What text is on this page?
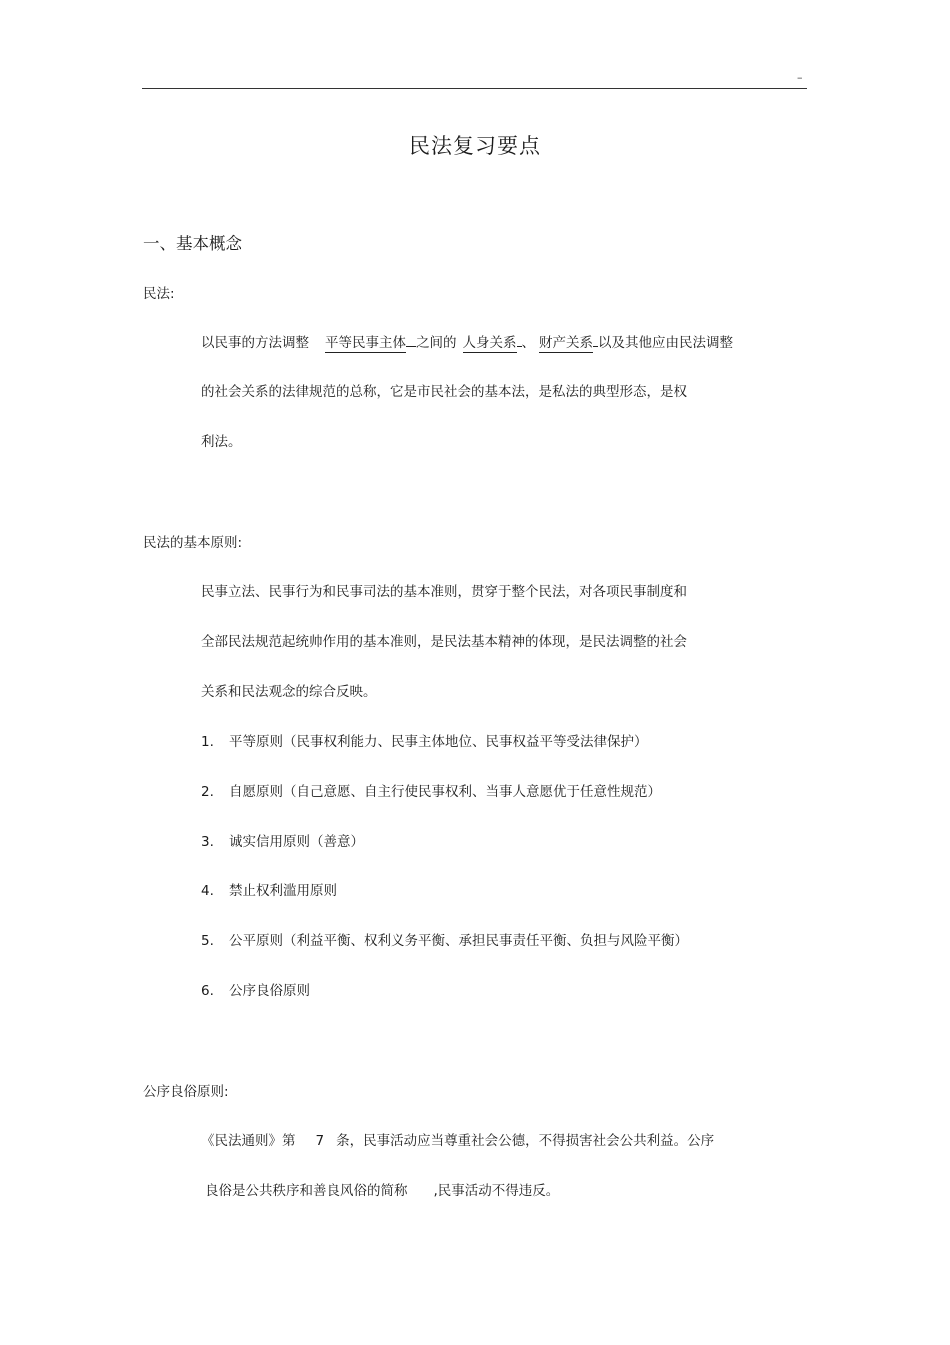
–
民法复习要点
一、基本概念
民法:
以民事的方法调整 平等民事主体 之间的 人身关系 、 财产关系 以及其他应由民法调整
的社会关系的法律规范的总称，它是市民社会的基本法，是私法的典型形态，是权
利法。
民法的基本原则:
民事立法、民事行为和民事司法的基本准则，贯穿于整个民法，对各项民事制度和
全部民法规范起统帅作用的基本准则，是民法基本精神的体现，是民法调整的社会
关系和民法观念的综合反映。
1. 平等原则（民事权利能力、民事主体地位、民事权益平等受法律保护）
2. 自愿原则（自己意愿、自主行使民事权利、当事人意愿优于任意性规范）
3. 诚实信用原则（善意）
4. 禁止权利滥用原则
5. 公平原则（利益平衡、权利义务平衡、承担民事责任平衡、负担与风险平衡）
6. 公序良俗原则
公序良俗原则:
《民法通则》第 7 条，民事活动应当尊重社会公德，不得损害社会公共利益。公序
良俗是公共秩序和善良风俗的简称 ,民事活动不得违反。
